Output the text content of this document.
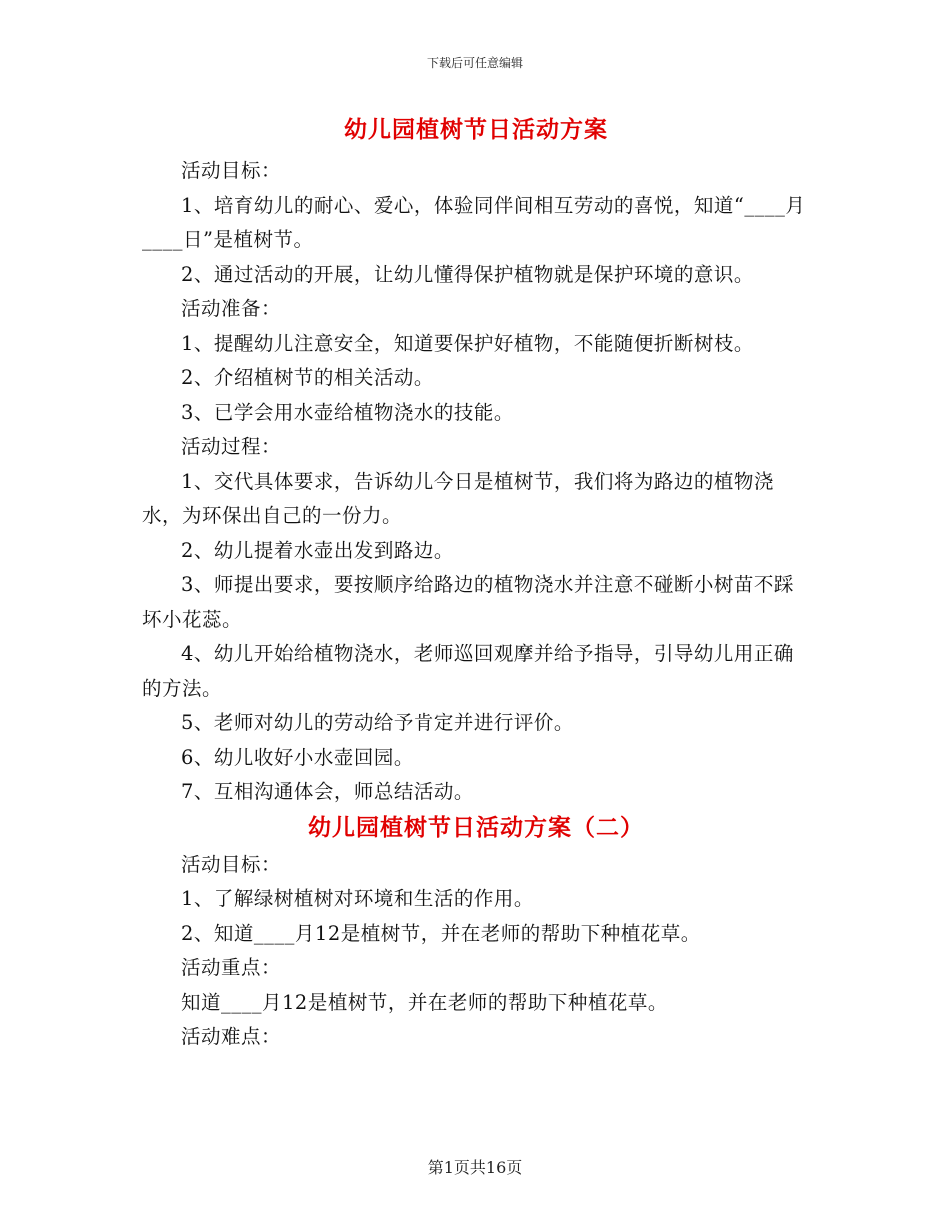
下载后可任意编辑
幼儿园植树节日活动方案

活动目标：

1、培育幼儿的耐心、爱心，体验同伴间相互劳动的喜悦，知道“____月____日”是植树节。

2、通过活动的开展，让幼儿懂得保护植物就是保护环境的意识。

活动准备：

1、提醒幼儿注意安全，知道要保护好植物，不能随便折断树枝。

2、介绍植树节的相关活动。

3、已学会用水壶给植物浇水的技能。

活动过程：

1、交代具体要求，告诉幼儿今日是植树节，我们将为路边的植物浇水，为环保出自己的一份力。

2、幼儿提着水壶出发到路边。

3、师提出要求，要按顺序给路边的植物浇水并注意不碰断小树苗不踩坏小花蕊。

4、幼儿开始给植物浇水，老师巡回观摩并给予指导，引导幼儿用正确的方法。

5、老师对幼儿的劳动给予肯定并进行评价。

6、幼儿收好小水壶回园。

7、互相沟通体会，师总结活动。

幼儿园植树节日活动方案（二）

活动目标：

1、了解绿树植树对环境和生活的作用。

2、知道____月12是植树节，并在老师的帮助下种植花草。

活动重点：

知道____月12是植树节，并在老师的帮助下种植花草。

活动难点：

第1页共16页
